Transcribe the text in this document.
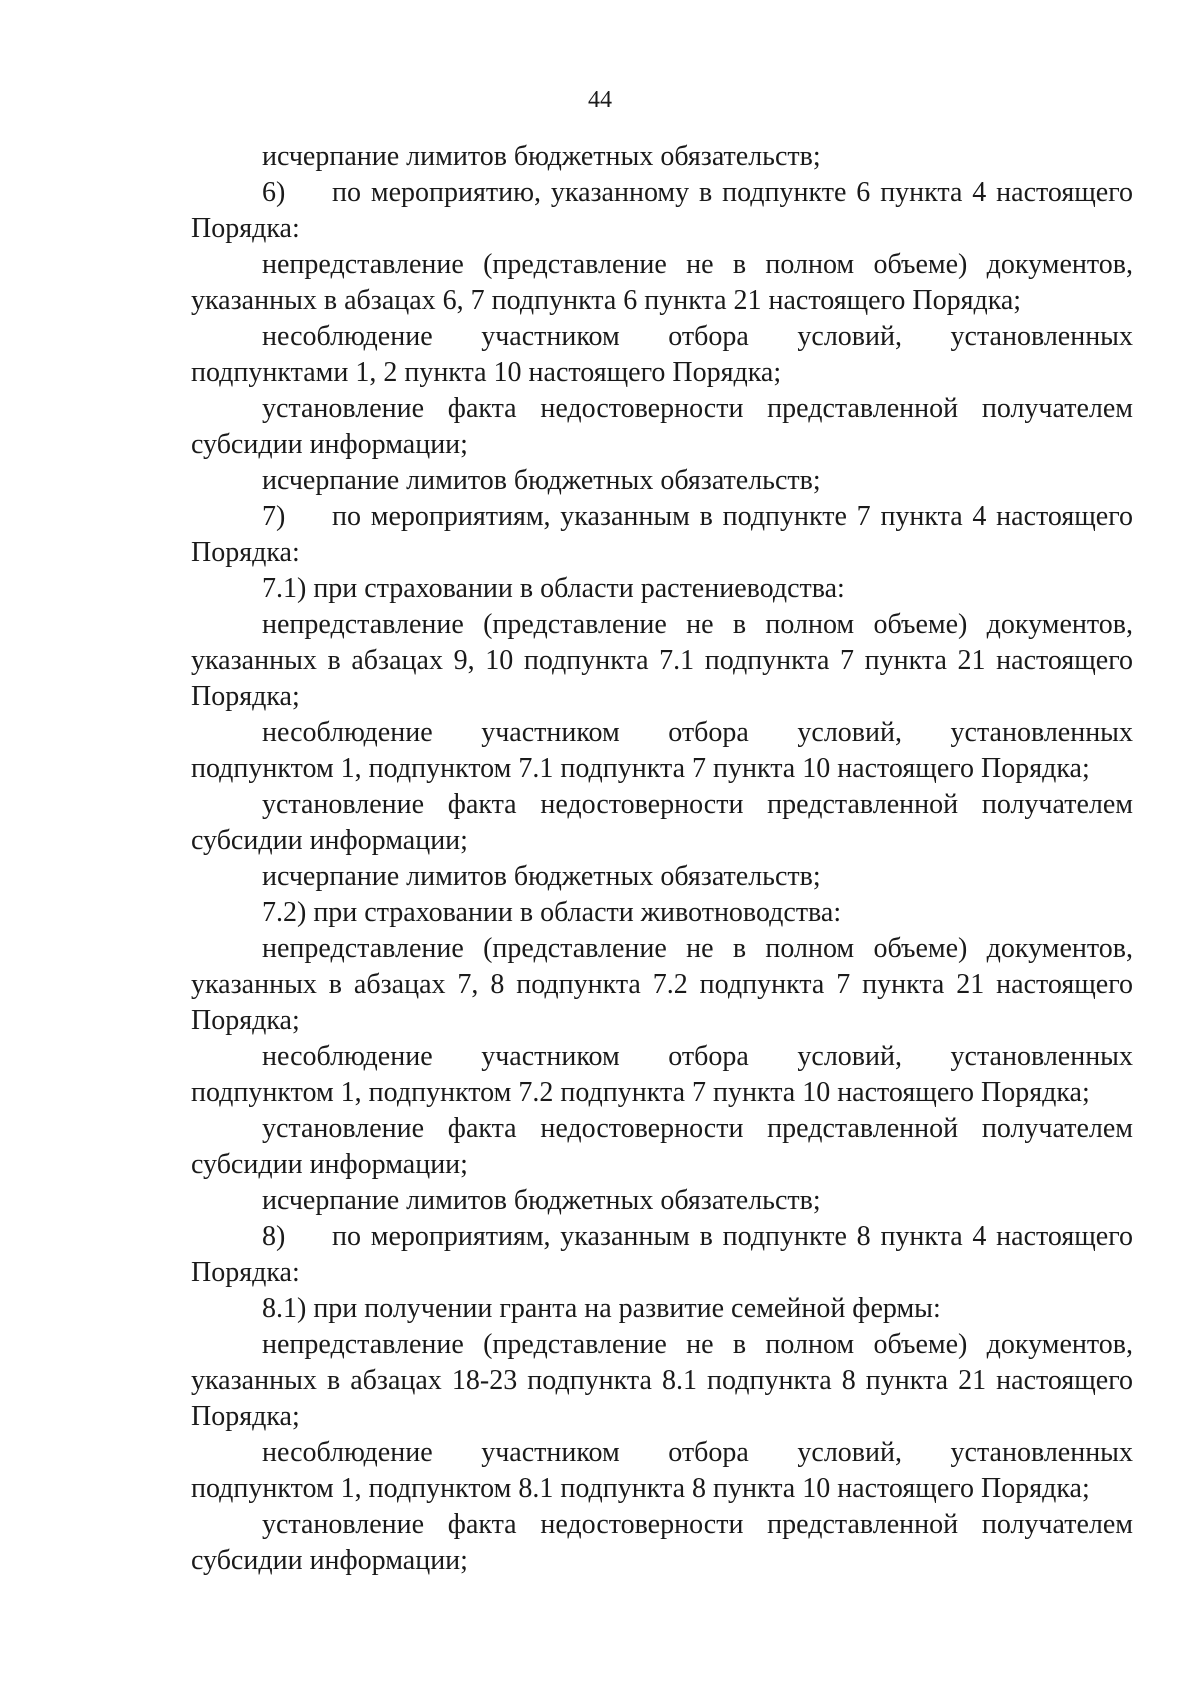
44
исчерпание лимитов бюджетных обязательств;
6)	по мероприятию, указанному в подпункте 6 пункта 4 настоящего
Порядка:
непредставление (представление не в полном объеме) документов,
указанных в абзацах 6, 7 подпункта 6 пункта 21 настоящего Порядка;
несоблюдение участником отбора условий, установленных
подпунктами 1, 2 пункта 10 настоящего Порядка;
установление факта недостоверности представленной получателем
субсидии информации;
исчерпание лимитов бюджетных обязательств;
7)	по мероприятиям, указанным в подпункте 7 пункта 4 настоящего
Порядка:
7.1) при страховании в области растениеводства:
непредставление (представление не в полном объеме) документов,
указанных в абзацах 9, 10 подпункта 7.1 подпункта 7 пункта 21 настоящего
Порядка;
несоблюдение участником отбора условий, установленных
подпунктом 1, подпунктом 7.1 подпункта 7 пункта 10 настоящего Порядка;
установление факта недостоверности представленной получателем
субсидии информации;
исчерпание лимитов бюджетных обязательств;
7.2) при страховании в области животноводства:
непредставление (представление не в полном объеме) документов,
указанных в абзацах 7, 8 подпункта 7.2 подпункта 7 пункта 21 настоящего
Порядка;
несоблюдение участником отбора условий, установленных
подпунктом 1, подпунктом 7.2 подпункта 7 пункта 10 настоящего Порядка;
установление факта недостоверности представленной получателем
субсидии информации;
исчерпание лимитов бюджетных обязательств;
8)	по мероприятиям, указанным в подпункте 8 пункта 4 настоящего
Порядка:
8.1) при получении гранта на развитие семейной фермы:
непредставление (представление не в полном объеме) документов,
указанных в абзацах 18-23 подпункта 8.1 подпункта 8 пункта 21 настоящего
Порядка;
несоблюдение участником отбора условий, установленных
подпунктом 1, подпунктом 8.1 подпункта 8 пункта 10 настоящего Порядка;
установление факта недостоверности представленной получателем
субсидии информации;
